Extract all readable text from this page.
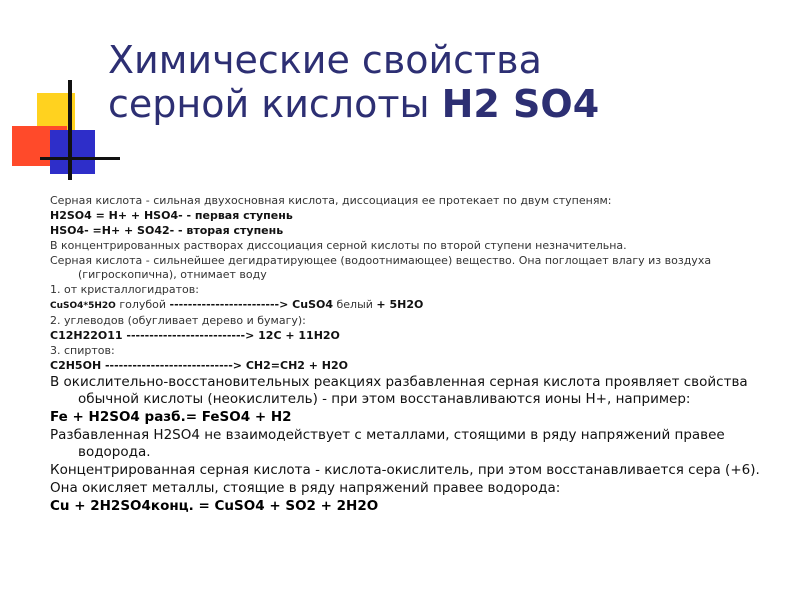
Химические свойства
серной кислоты H2 SO4

Серная кислота - сильная двухосновная кислота, диссоциация ее протекает по двум ступеням:

H2SO4 = H+ + HSO4- - первая ступень

HSO4- =H+ + SO42- - вторая ступень

В концентрированных растворах диссоциация серной кислоты по второй ступени незначительна.

Серная кислота - сильнейшее дегидратирующее (водоотнимающее) вещество. Она поглощает влагу из воздуха (гигроскопична), отнимает воду

1. от кристаллогидратов:

CuSO4*5H2O голубой ------------------------> CuSO4 белый + 5H2O

2. углеводов (обугливает дерево и бумагу):

C12H22O11 --------------------------> 12C + 11H2O

3. спиртов:

C2H5OH ----------------------------> CH2=CH2 + H2O

В окислительно-восстановительных реакциях разбавленная серная кислота проявляет свойства обычной кислоты (неокислитель) - при этом восстанавливаются ионы Н+, например:

Fe + H2SO4 разб.= FeSO4 + H2

Разбавленная H2SO4 не взаимодействует с металлами, стоящими в ряду напряжений правее водорода.

Концентрированная серная кислота - кислота-окислитель, при этом восстанавливается сера (+6).

Она окисляет металлы, стоящие в ряду напряжений правее водорода:

Cu + 2H2SO4конц. = CuSO4 + SO2 + 2H2O
